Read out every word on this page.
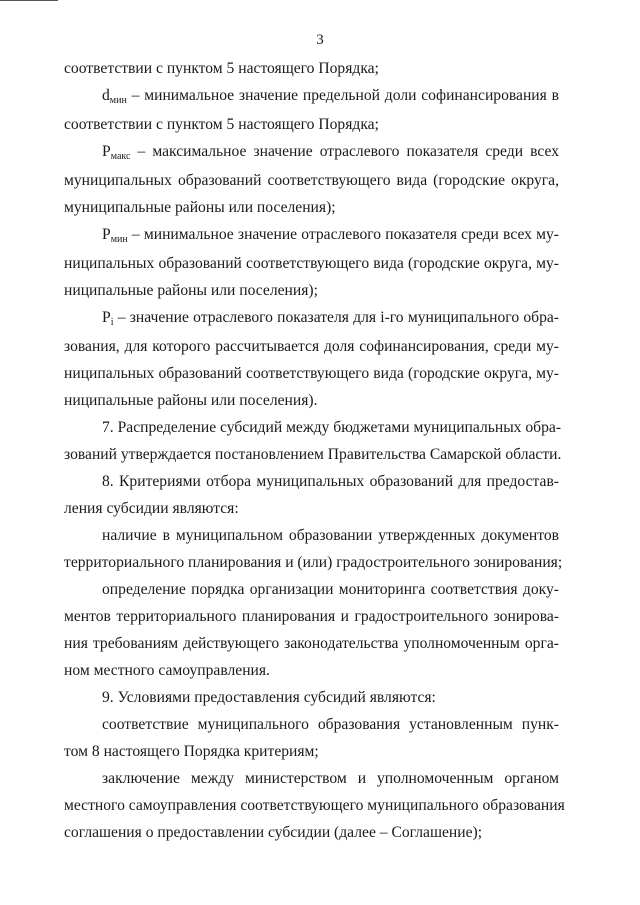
3

соответствии с пунктом 5 настоящего Порядка;

dмин – минимальное значение предельной доли софинансирования в
соответствии с пунктом 5 настоящего Порядка;

Pмакс – максимальное значение отраслевого показателя среди всех
муниципальных образований соответствующего вида (городские округа,
муниципальные районы или поселения);

Pмин – минимальное значение отраслевого показателя среди всех му-
ниципальных образований соответствующего вида (городские округа, му-
ниципальные районы или поселения);

Pi – значение отраслевого показателя для i-го муниципального обра-
зования, для которого рассчитывается доля софинансирования, среди му-
ниципальных образований соответствующего вида (городские округа, му-
ниципальные районы или поселения).

7. Распределение субсидий между бюджетами муниципальных обра-
зований утверждается постановлением Правительства Самарской области.

8. Критериями отбора муниципальных образований для предостав-
ления субсидии являются:

наличие в муниципальном образовании утвержденных документов
территориального планирования и (или) градостроительного зонирования;

определение порядка организации мониторинга соответствия доку-
ментов территориального планирования и градостроительного зонирова-
ния требованиям действующего законодательства уполномоченным орга-
ном местного самоуправления.

9. Условиями предоставления субсидий являются:

соответствие муниципального образования установленным пунк-
том 8 настоящего Порядка критериям;

заключение между министерством и уполномоченным органом
местного самоуправления соответствующего муниципального образования
соглашения о предоставлении субсидии (далее – Соглашение);
